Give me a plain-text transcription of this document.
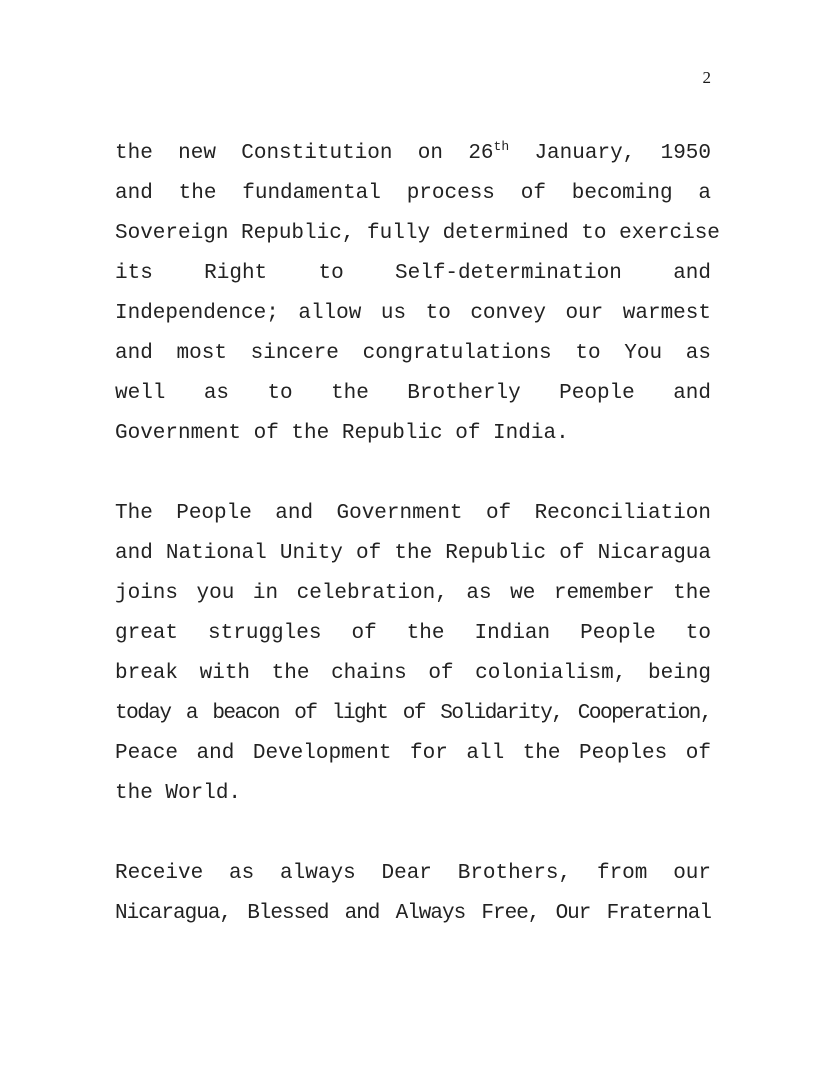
2
the new Constitution on 26th January, 1950
and the fundamental process of becoming a
Sovereign Republic, fully determined to exercise
its Right to Self-determination and
Independence; allow us to convey our warmest
and most sincere congratulations to You as
well as to the Brotherly People and
Government of the Republic of India.
The People and Government of Reconciliation
and National Unity of the Republic of Nicaragua
joins you in celebration, as we remember the
great struggles of the Indian People to
break with the chains of colonialism, being
today a beacon of light of Solidarity, Cooperation,
Peace and Development for all the Peoples of
the World.
Receive as always Dear Brothers, from our
Nicaragua, Blessed and Always Free, Our Fraternal
